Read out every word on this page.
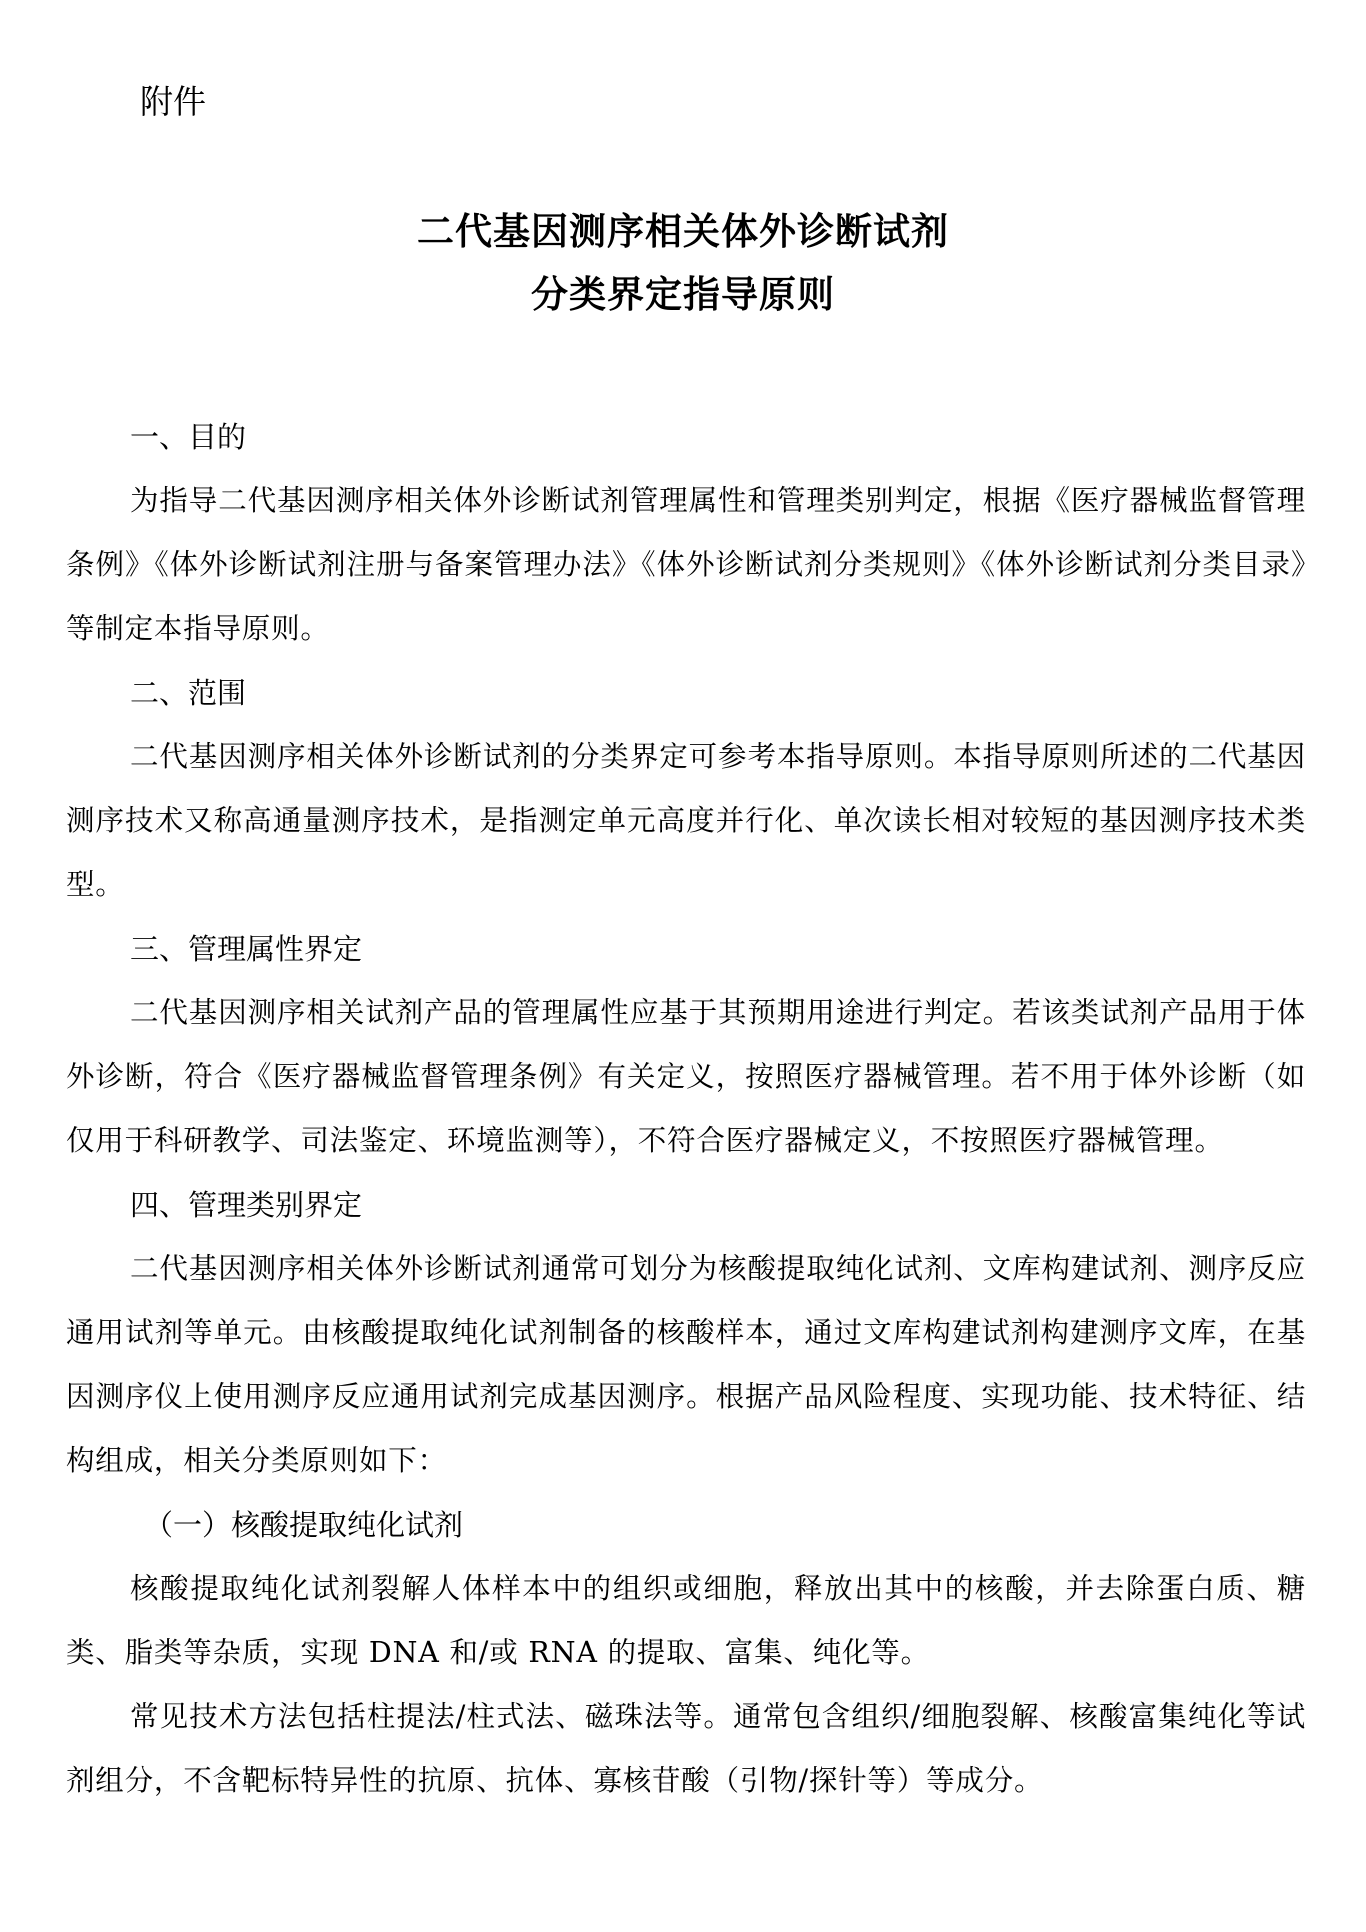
附件
二代基因测序相关体外诊断试剂
分类界定指导原则
一、目的

为指导二代基因测序相关体外诊断试剂管理属性和管理类别判定，根据《医疗器械监督管理条例》《体外诊断试剂注册与备案管理办法》《体外诊断试剂分类规则》《体外诊断试剂分类目录》等制定本指导原则。

二、范围

二代基因测序相关体外诊断试剂的分类界定可参考本指导原则。本指导原则所述的二代基因测序技术又称高通量测序技术，是指测定单元高度并行化、单次读长相对较短的基因测序技术类型。

三、管理属性界定

二代基因测序相关试剂产品的管理属性应基于其预期用途进行判定。若该类试剂产品用于体外诊断，符合《医疗器械监督管理条例》有关定义，按照医疗器械管理。若不用于体外诊断（如仅用于科研教学、司法鉴定、环境监测等），不符合医疗器械定义，不按照医疗器械管理。

四、管理类别界定

二代基因测序相关体外诊断试剂通常可划分为核酸提取纯化试剂、文库构建试剂、测序反应通用试剂等单元。由核酸提取纯化试剂制备的核酸样本，通过文库构建试剂构建测序文库，在基因测序仪上使用测序反应通用试剂完成基因测序。根据产品风险程度、实现功能、技术特征、结构组成，相关分类原则如下：

（一）核酸提取纯化试剂

核酸提取纯化试剂裂解人体样本中的组织或细胞，释放出其中的核酸，并去除蛋白质、糖类、脂类等杂质，实现 DNA 和/或 RNA 的提取、富集、纯化等。

常见技术方法包括柱提法/柱式法、磁珠法等。通常包含组织/细胞裂解、核酸富集纯化等试剂组分，不含靶标特异性的抗原、抗体、寡核苷酸（引物/探针等）等成分。
